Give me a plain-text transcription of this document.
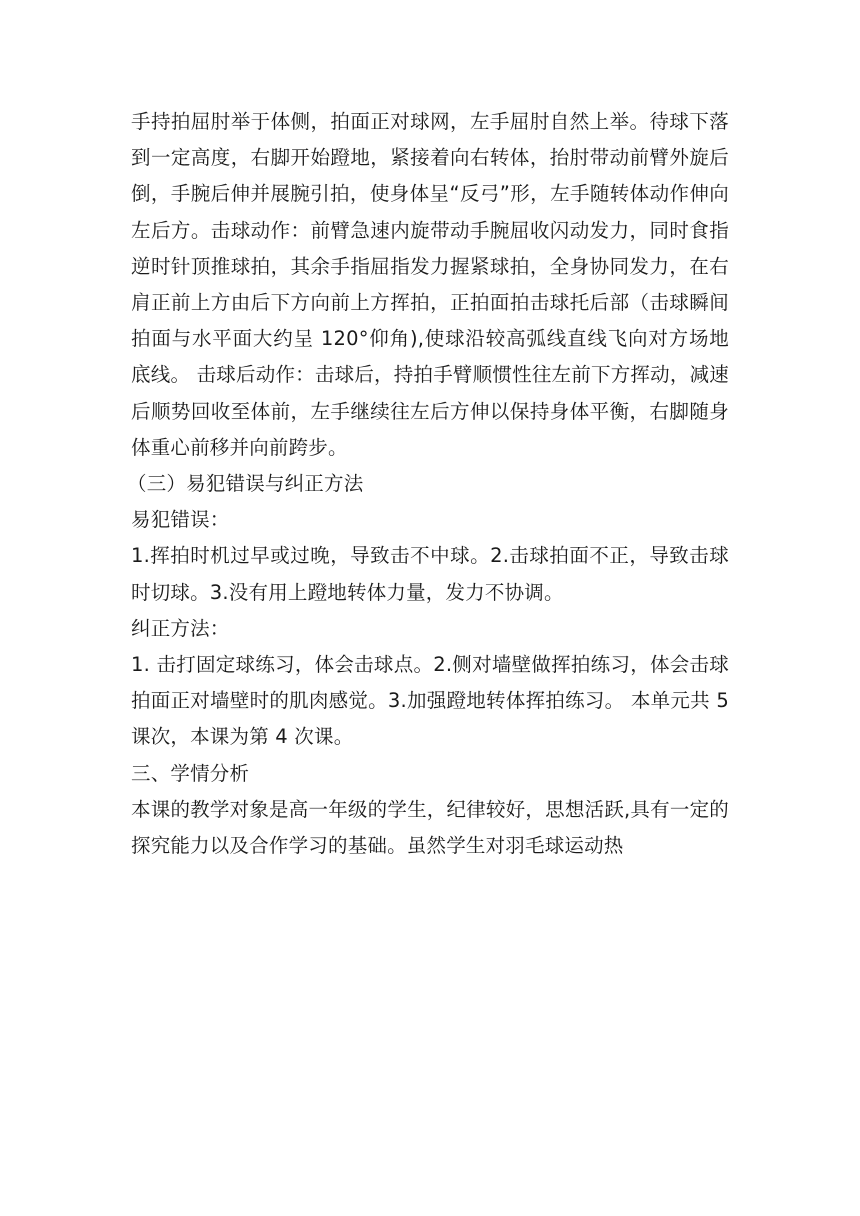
手持拍屈肘举于体侧，拍面正对球网，左手屈肘自然上举。待球下落到一定高度，右脚开始蹬地，紧接着向右转体，抬肘带动前臂外旋后倒，手腕后伸并展腕引拍，使身体呈“反弓”形，左手随转体动作伸向左后方。击球动作：前臂急速内旋带动手腕屈收闪动发力，同时食指逆时针顶推球拍，其余手指屈指发力握紧球拍，全身协同发力，在右肩正前上方由后下方向前上方挥拍，正拍面拍击球托后部（击球瞬间拍面与水平面大约呈 120°仰角),使球沿较高弧线直线飞向对方场地底线。 击球后动作：击球后，持拍手臂顺惯性往左前下方挥动，减速后顺势回收至体前，左手继续往左后方伸以保持身体平衡，右脚随身体重心前移并向前跨步。

（三）易犯错误与纠正方法

易犯错误：

1.挥拍时机过早或过晚，导致击不中球。2.击球拍面不正，导致击球时切球。3.没有用上蹬地转体力量，发力不协调。

纠正方法：

1. 击打固定球练习，体会击球点。2.侧对墙壁做挥拍练习，体会击球拍面正对墙壁时的肌肉感觉。3.加强蹬地转体挥拍练习。 本单元共 5 课次，本课为第 4 次课。

三、学情分析

本课的教学对象是高一年级的学生，纪律较好，思想活跃,具有一定的探究能力以及合作学习的基础。虽然学生对羽毛球运动热
